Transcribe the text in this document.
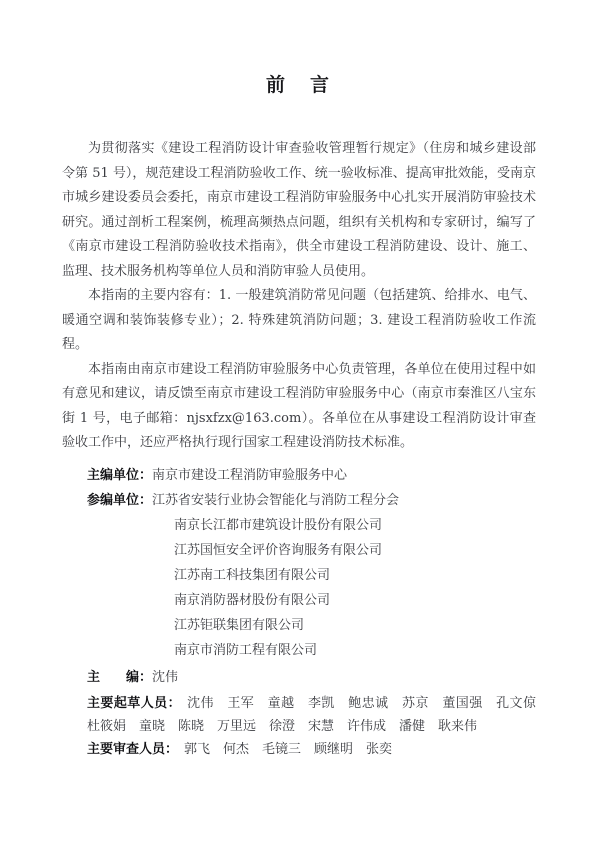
前　言

为贯彻落实《建设工程消防设计审查验收管理暂行规定》（住房和城乡建设部令第 51 号），规范建设工程消防验收工作、统一验收标准、提高审批效能，受南京市城乡建设委员会委托，南京市建设工程消防审验服务中心扎实开展消防审验技术研究。通过剖析工程案例，梳理高频热点问题，组织有关机构和专家研讨，编写了《南京市建设工程消防验收技术指南》，供全市建设工程消防建设、设计、施工、监理、技术服务机构等单位人员和消防审验人员使用。

本指南的主要内容有：1. 一般建筑消防常见问题（包括建筑、给排水、电气、暖通空调和装饰装修专业）；2. 特殊建筑消防问题；3. 建设工程消防验收工作流程。

本指南由南京市建设工程消防审验服务中心负责管理，各单位在使用过程中如有意见和建议，请反馈至南京市建设工程消防审验服务中心（南京市秦淮区八宝东街 1 号，电子邮箱：njsxfzx@163.com）。各单位在从事建设工程消防设计审查验收工作中，还应严格执行现行国家工程建设消防技术标准。

主编单位： 南京市建设工程消防审验服务中心
参编单位： 江苏省安装行业协会智能化与消防工程分会
南京长江都市建筑设计股份有限公司
江苏国恒安全评价咨询服务有限公司
江苏南工科技集团有限公司
南京消防器材股份有限公司
江苏钜联集团有限公司
南京市消防工程有限公司
主　　编： 沈伟

主要起草人员： 沈伟　王军　童越　李凯　鲍忠诚　苏京　董国强　孔文倞　杜筱娟　童晓　陈晓　万里远　徐澄　宋慧　许伟成　潘健　耿来伟

主要审查人员： 郭飞　何杰　毛镜三　顾继明　张奕
